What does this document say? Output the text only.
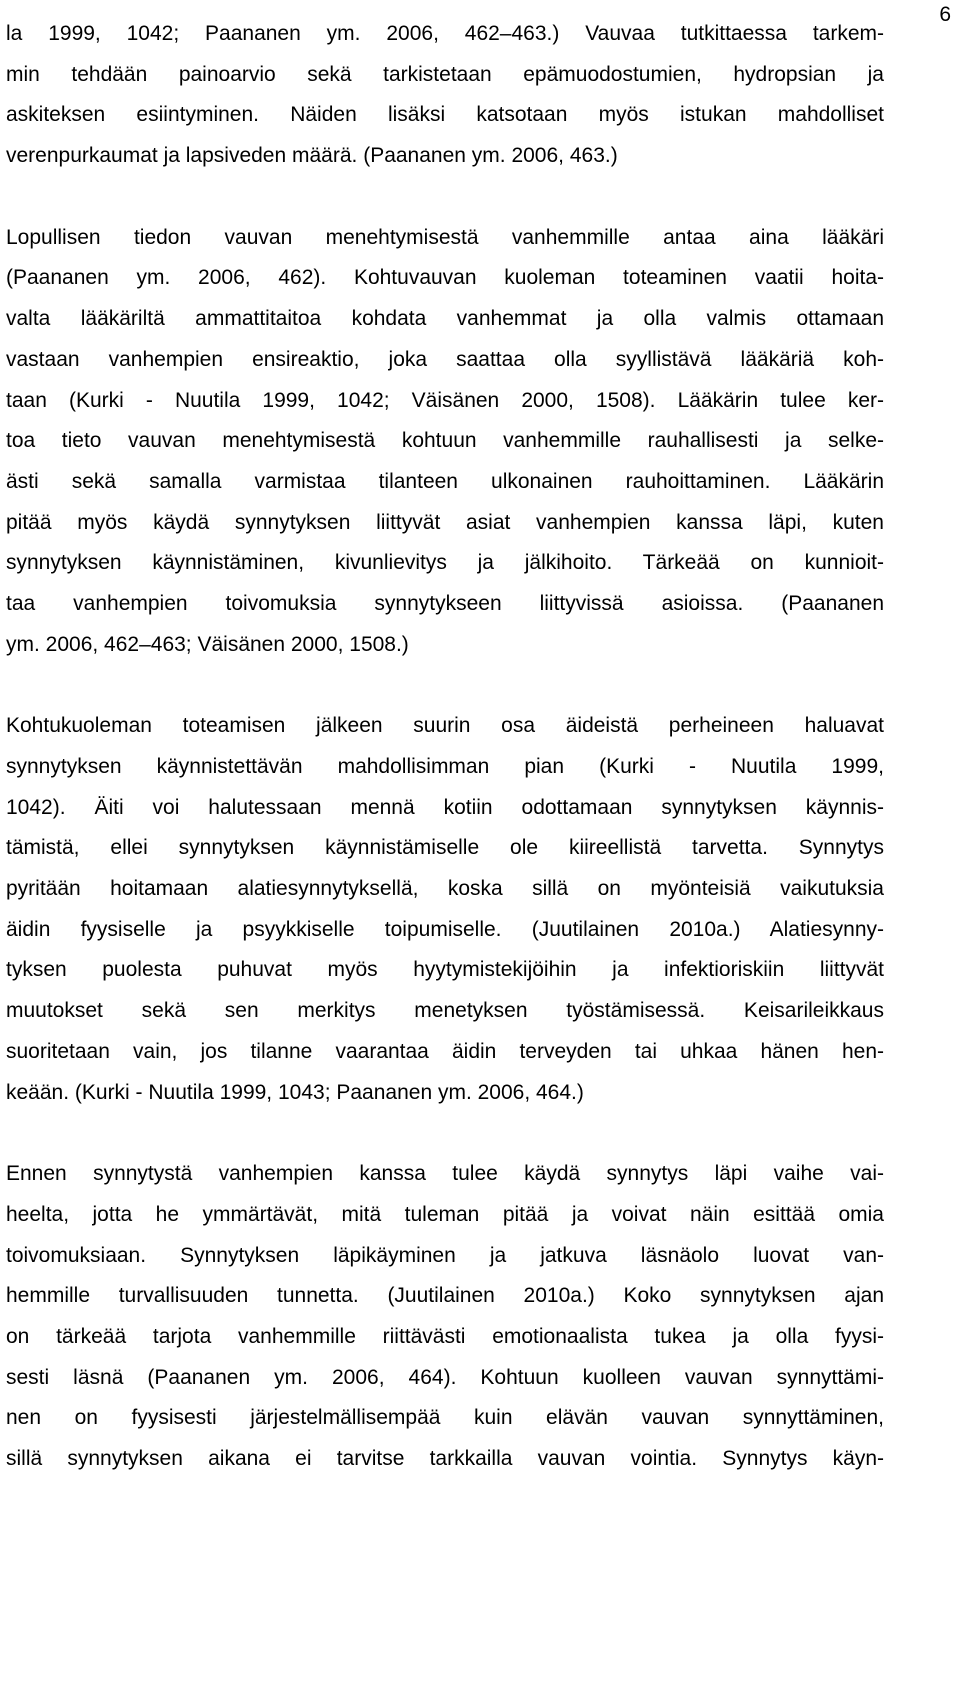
6
la 1999, 1042; Paananen ym. 2006, 462–463.) Vauvaa tutkittaessa tarkem-
min tehdään painoarvio sekä tarkistetaan epämuodostumien, hydropsian ja
askiteksen esiintyminen. Näiden lisäksi katsotaan myös istukan mahdolliset
verenpurkaumat ja lapsiveden määrä. (Paananen ym. 2006, 463.)
Lopullisen tiedon vauvan menehtymisestä vanhemmille antaa aina lääkäri
(Paananen ym. 2006, 462). Kohtuvauvan kuoleman toteaminen vaatii hoita-
valta lääkäriltä ammattitaitoa kohdata vanhemmat ja olla valmis ottamaan
vastaan vanhempien ensireaktio, joka saattaa olla syyllistävä lääkäriä koh-
taan (Kurki - Nuutila 1999, 1042; Väisänen 2000, 1508). Lääkärin tulee ker-
toa tieto vauvan menehtymisestä kohtuun vanhemmille rauhallisesti ja selke-
ästi sekä samalla varmistaa tilanteen ulkonainen rauhoittaminen. Lääkärin
pitää myös käydä synnytyksen liittyvät asiat vanhempien kanssa läpi, kuten
synnytyksen käynnistäminen, kivunlievitys ja jälkihoito. Tärkeää on kunnioit-
taa vanhempien toivomuksia synnytykseen liittyvissä asioissa. (Paananen
ym. 2006, 462–463; Väisänen 2000, 1508.)
Kohtukuoleman toteamisen jälkeen suurin osa äideistä perheineen haluavat
synnytyksen käynnistettävän mahdollisimman pian (Kurki - Nuutila 1999,
1042). Äiti voi halutessaan mennä kotiin odottamaan synnytyksen käynnis-
tämistä, ellei synnytyksen käynnistämiselle ole kiireellistä tarvetta. Synnytys
pyritään hoitamaan alatiesynnytyksellä, koska sillä on myönteisiä vaikutuksia
äidin fyysiselle ja psyykkiselle toipumiselle. (Juutilainen 2010a.) Alatiesynny-
tyksen puolesta puhuvat myös hyytymistekijöihin ja infektioriskiin liittyvät
muutokset sekä sen merkitys menetyksen työstämisessä. Keisarileikkaus
suoritetaan vain, jos tilanne vaarantaa äidin terveyden tai uhkaa hänen hen-
keään. (Kurki - Nuutila 1999, 1043; Paananen ym. 2006, 464.)
Ennen synnytystä vanhempien kanssa tulee käydä synnytys läpi vaihe vai-
heelta, jotta he ymmärtävät, mitä tuleman pitää ja voivat näin esittää omia
toivomuksiaan. Synnytyksen läpikäyminen ja jatkuva läsnäolo luovat van-
hemmille turvallisuuden tunnetta. (Juutilainen 2010a.) Koko synnytyksen ajan
on tärkeää tarjota vanhemmille riittävästi emotionaalista tukea ja olla fyysi-
sesti läsnä (Paananen ym. 2006, 464). Kohtuun kuolleen vauvan synnyttämi-
nen on fyysisesti järjestelmällisempää kuin elävän vauvan synnyttäminen,
sillä synnytyksen aikana ei tarvitse tarkkailla vauvan vointia. Synnytys käyn-
